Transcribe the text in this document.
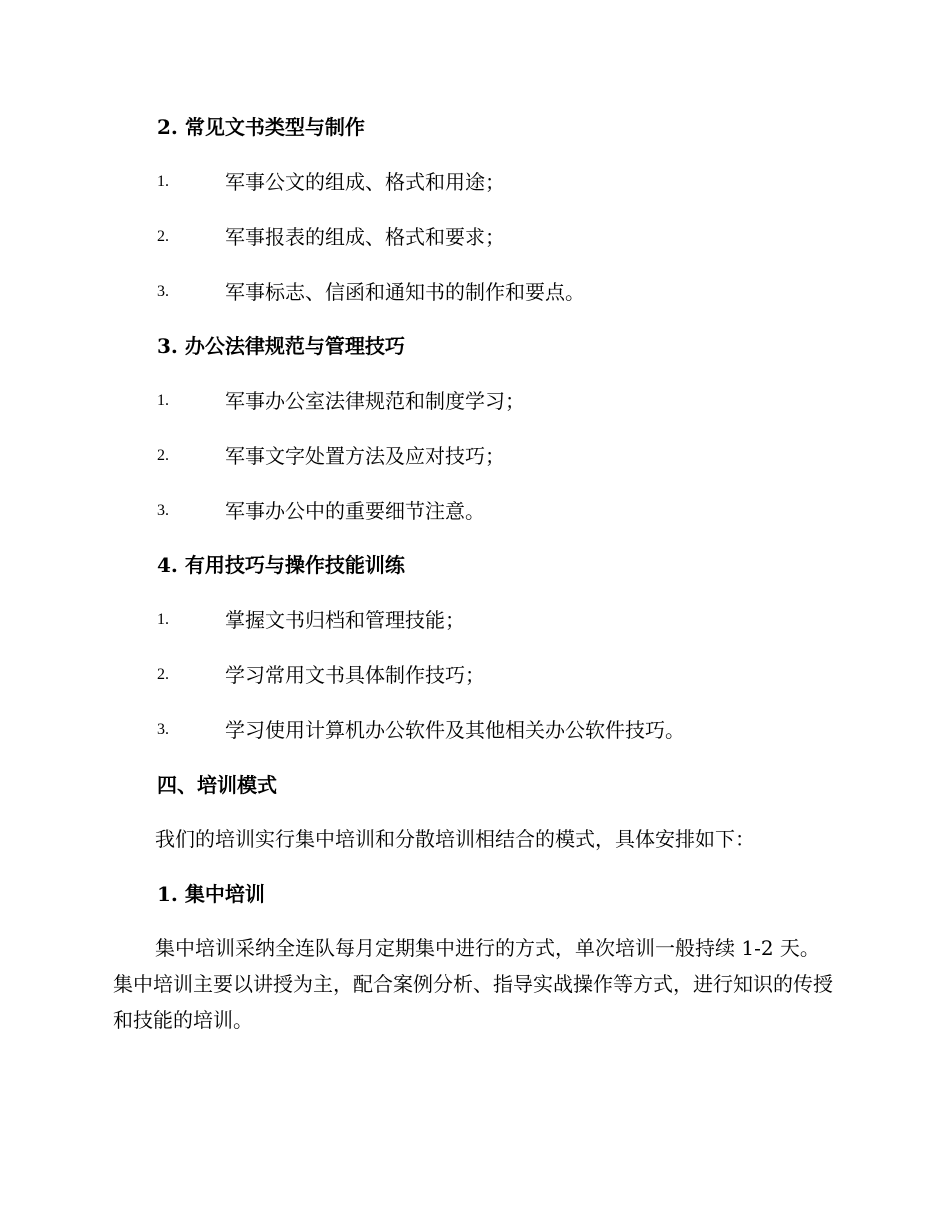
2. 常见文书类型与制作
1.	军事公文的组成、格式和用途；
2.	军事报表的组成、格式和要求；
3.	军事标志、信函和通知书的制作和要点。
3. 办公法律规范与管理技巧
1.	军事办公室法律规范和制度学习；
2.	军事文字处置方法及应对技巧；
3.	军事办公中的重要细节注意。
4. 有用技巧与操作技能训练
1.	掌握文书归档和管理技能；
2.	学习常用文书具体制作技巧；
3.	学习使用计算机办公软件及其他相关办公软件技巧。
四、培训模式

我们的培训实行集中培训和分散培训相结合的模式，具体安排如下：

1. 集中培训

集中培训采纳全连队每月定期集中进行的方式，单次培训一般持续 1-2 天。集中培训主要以讲授为主，配合案例分析、指导实战操作等方式，进行知识的传授和技能的培训。
